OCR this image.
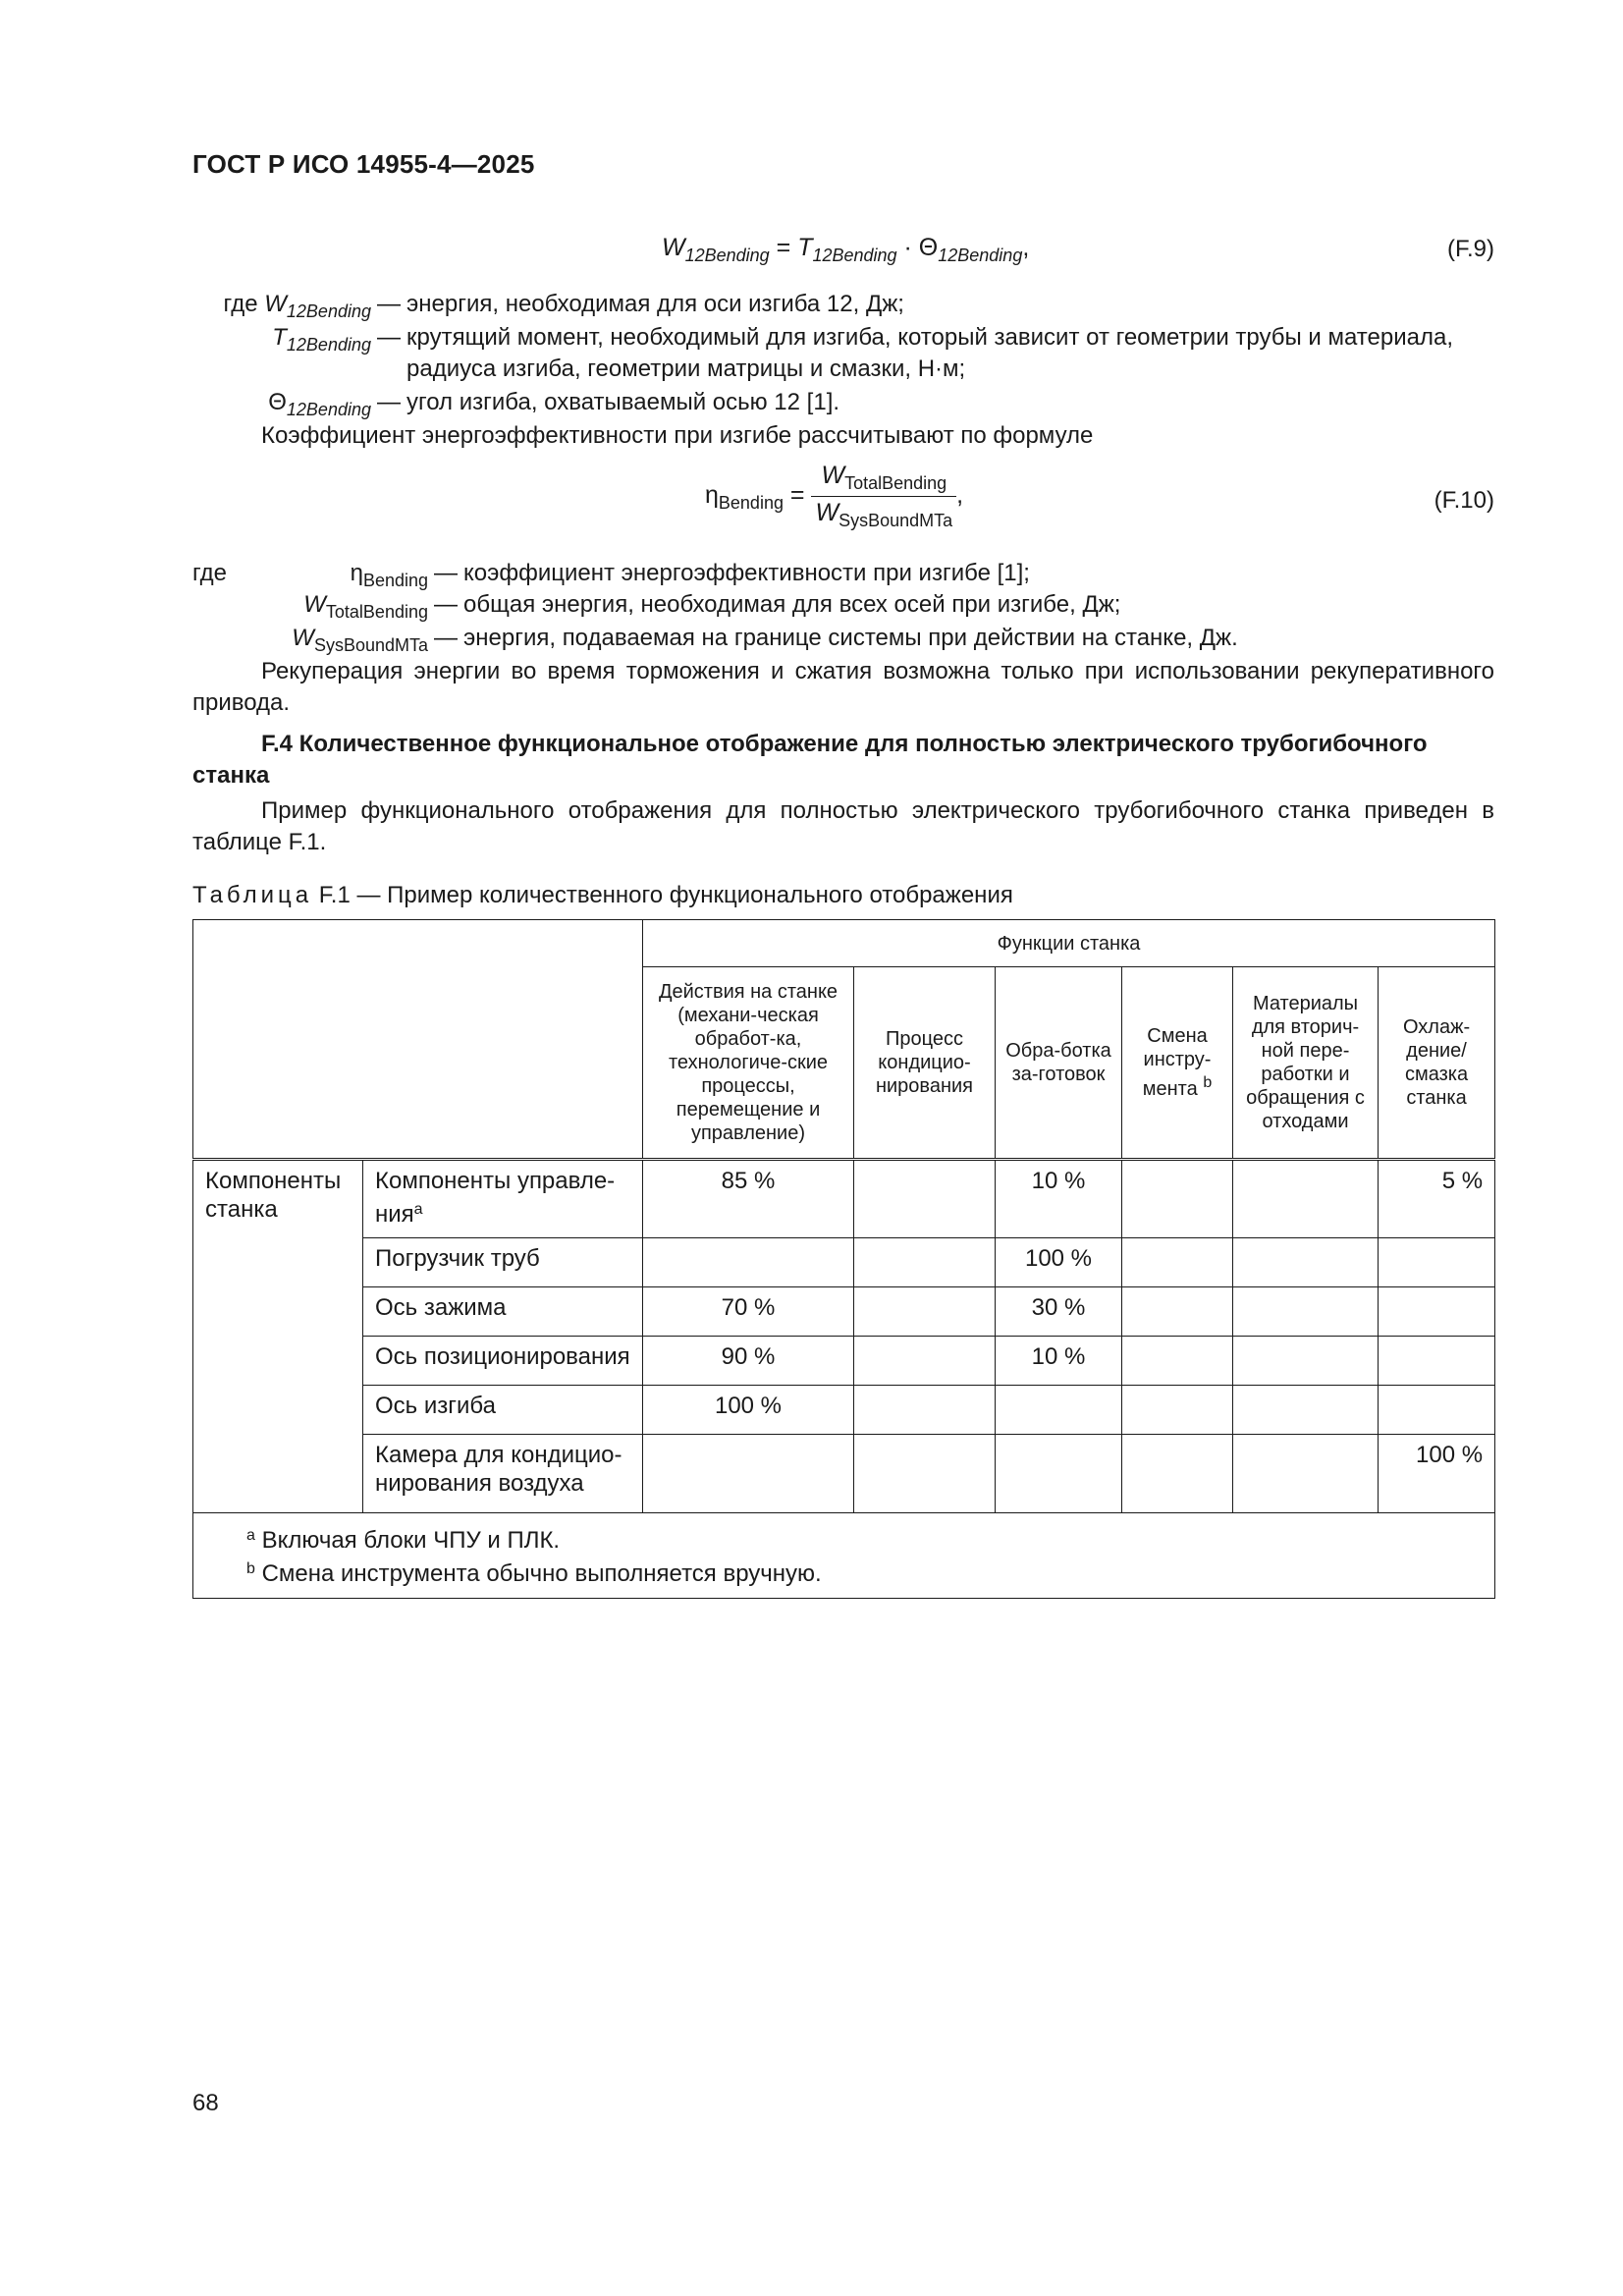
ГОСТ Р ИСО 14955-4—2025
$W_{12Bending} = T_{12Bending} \cdot \Theta_{12Bending}$,	(F.9)
где $W_{12Bending}$ — энергия, необходимая для оси изгиба 12, Дж;
$T_{12Bending}$ — крутящий момент, необходимый для изгиба, который зависит от геометрии трубы и материала,
радиуса изгиба, геометрии матрицы и смазки, Н·м;
$\Theta_{12Bending}$ — угол изгиба, охватываемый осью 12 [1].
Коэффициент энергоэффективности при изгибе рассчитывают по формуле
$\eta_{Bending} = \frac{W_{TotalBending}}{W_{SysBoundMTa}}$ ,	(F.10)
где	$\eta_{Bending}$ — коэффициент энергоэффективности при изгибе [1];
$W_{TotalBending}$ — общая энергия, необходимая для всех осей при изгибе, Дж;
$W_{SysBoundMTa}$ — энергия, подаваемая на границе системы при действии на станке, Дж.
Рекуперация энергии во время торможения и сжатия возможна только при использовании рекуперативного привода.
F.4 Количественное функциональное отображение для полностью электрического трубогибочного станка
Пример функционального отображения для полностью электрического трубогибочного станка приведен в таблице F.1.
Таблица F.1 — Пример количественного функционального отображения
		Функции станка					
		Действия на станке (механи-ческая обработ-ка, технологиче-ские процессы, перемещение и управление)	Процесс кондицио-нирования	Обра-ботка за-готовок	Смена инстру-мента $^b$	Материалы для вторич-ной пере-работки и обращения с отходами	Охлаж-дение/ смазка станка
Компоненты станка	Компоненты управле-ния$^a$	85 %		10 %			5 %
	Погрузчик труб			100 %			
	Ось зажима	70 %		30 %			
	Ось позиционирования	90 %		10 %			
	Ось изгиба	100 %					
	Камера для кондицио-нирования воздуха						100 %

$^a$ Включая блоки ЧПУ и ПЛК.
$^b$ Смена инструмента обычно выполняется вручную.							
68
